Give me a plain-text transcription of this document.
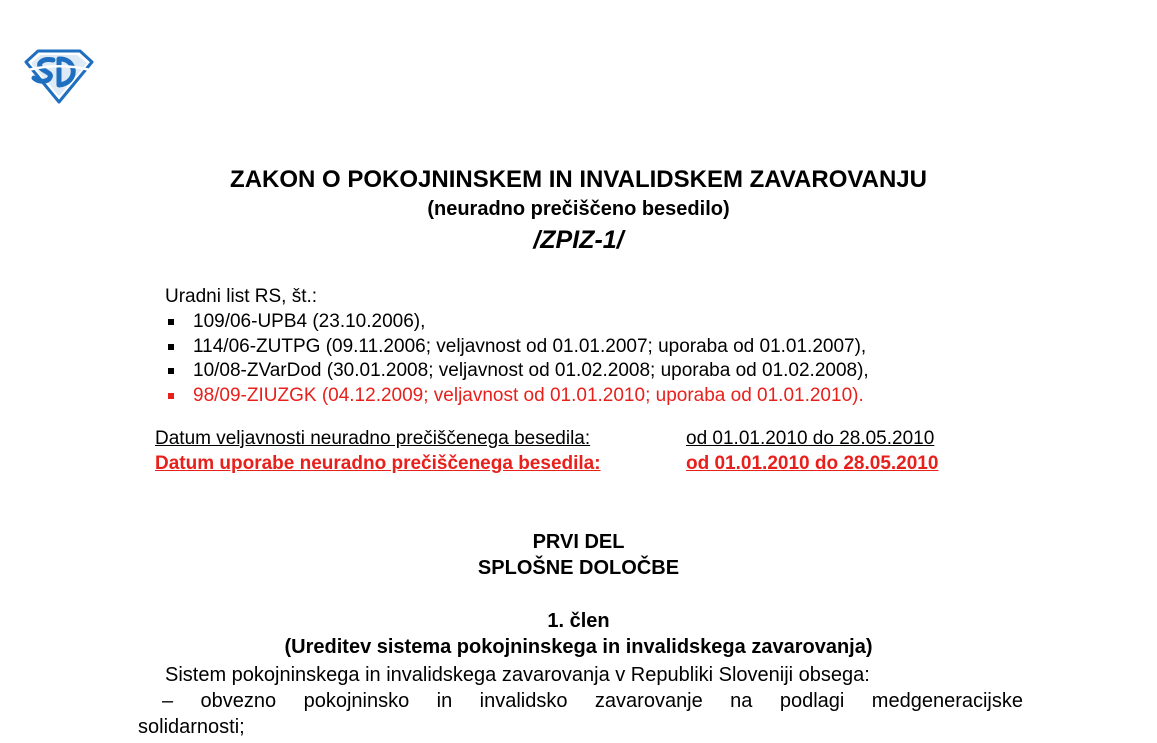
ZAKON O POKOJNINSKEM IN INVALIDSKEM ZAVAROVANJU
(neuradno prečiščeno besedilo)
/ZPIZ-1/
Uradni list RS, št.:
109/06-UPB4 (23.10.2006),
114/06-ZUTPG (09.11.2006; veljavnost od 01.01.2007; uporaba od 01.01.2007),
10/08-ZVarDod (30.01.2008; veljavnost od 01.02.2008; uporaba od 01.02.2008),
98/09-ZIUZGK (04.12.2009; veljavnost od 01.01.2010; uporaba od 01.01.2010).
Datum veljavnosti neuradno prečiščenega besedila:	od 01.01.2010 do 28.05.2010
Datum uporabe neuradno prečiščenega besedila:	od 01.01.2010 do 28.05.2010
PRVI DEL
SPLOŠNE DOLOČBE
1. člen
(Ureditev sistema pokojninskega in invalidskega zavarovanja)
Sistem pokojninskega in invalidskega zavarovanja v Republiki Sloveniji obsega:
– obvezno pokojninsko in invalidsko zavarovanje na podlagi medgeneracijske solidarnosti;
